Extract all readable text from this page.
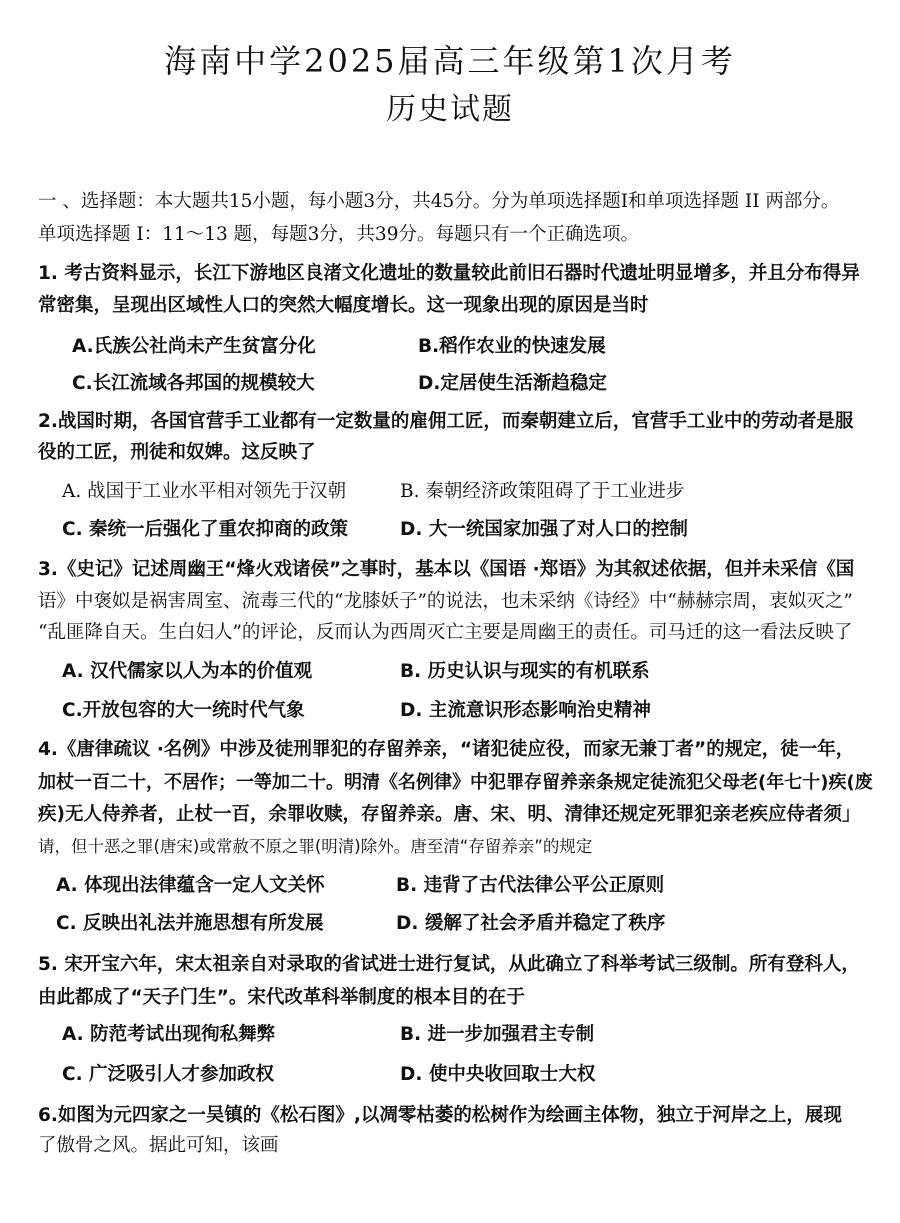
海南中学2025届高三年级第1次月考
历史试题
一 、选择题：本大题共15小题，每小题3分，共45分。分为单项选择题I和单项选择题 II 两部分。
单项选择题 I：11～13 题，每题3分，共39分。每题只有一个正确选项。
1. 考古资料显示，长江下游地区良渚文化遗址的数量较此前旧石器时代遗址明显增多，并且分布得异
常密集，呈现出区域性人口的突然大幅度增长。这一现象出现的原因是当时
A.氏族公社尚未产生贫富分化	B.稻作农业的快速发展
C.长江流域各邦国的规模较大	D.定居使生活渐趋稳定
2.战国时期，各国官营手工业都有一定数量的雇佣工匠，而秦朝建立后，官营手工业中的劳动者是服
役的工匠，刑徒和奴婢。这反映了
A. 战国于工业水平相对领先于汉朝	B. 秦朝经济政策阻碍了于工业进步
C. 秦统一后强化了重农抑商的政策	D. 大一统国家加强了对人口的控制
3.《史记》记述周幽王“烽火戏诸侯”之事时，基本以《国语 ·郑语》为其叙述依据，但并未采信《国
语》中褒姒是祸害周室、流毒三代的“龙膝妖子”的说法，也未采纳《诗经》中“赫赫宗周，衷姒灭之”
“乱匪降自天。生白妇人”的评论，反而认为西周灭亡主要是周幽王的责任。司马迁的这一看法反映了
A. 汉代儒家以人为本的价值观	B. 历史认识与现实的有机联系
C.开放包容的大一统时代气象	D. 主流意识形态影响治史精神
4.《唐律疏议 ·名例》中涉及徒刑罪犯的存留养亲，“诸犯徒应役，而家无兼丁者”的规定，徒一年，
加杖一百二十，不居作；一等加二十。明清《名例律》中犯罪存留养亲条规定徒流犯父母老(年七十)疾(废
疾)无人侍养者，止杖一百，余罪收赎，存留养亲。唐、宋、明、清律还规定死罪犯亲老疾应侍者须」
请，但十恶之罪(唐宋)或常赦不原之罪(明清)除外。唐至清“存留养亲”的规定
A. 体现出法律蕴含一定人文关怀	B. 违背了古代法律公平公正原则
C. 反映出礼法并施思想有所发展	D. 缓解了社会矛盾并稳定了秩序
5. 宋开宝六年，宋太祖亲自对录取的省试进士进行复试，从此确立了科举考试三级制。所有登科人，
由此都成了“天子门生”。宋代改革科举制度的根本目的在于
A. 防范考试出现徇私舞弊	B. 进一步加强君主专制
C. 广泛吸引人才参加政权	D. 使中央收回取士大权
6.如图为元四家之一吴镇的《松石图》,以凋零枯萎的松树作为绘画主体物，独立于河岸之上，展现
了傲骨之风。据此可知，该画
